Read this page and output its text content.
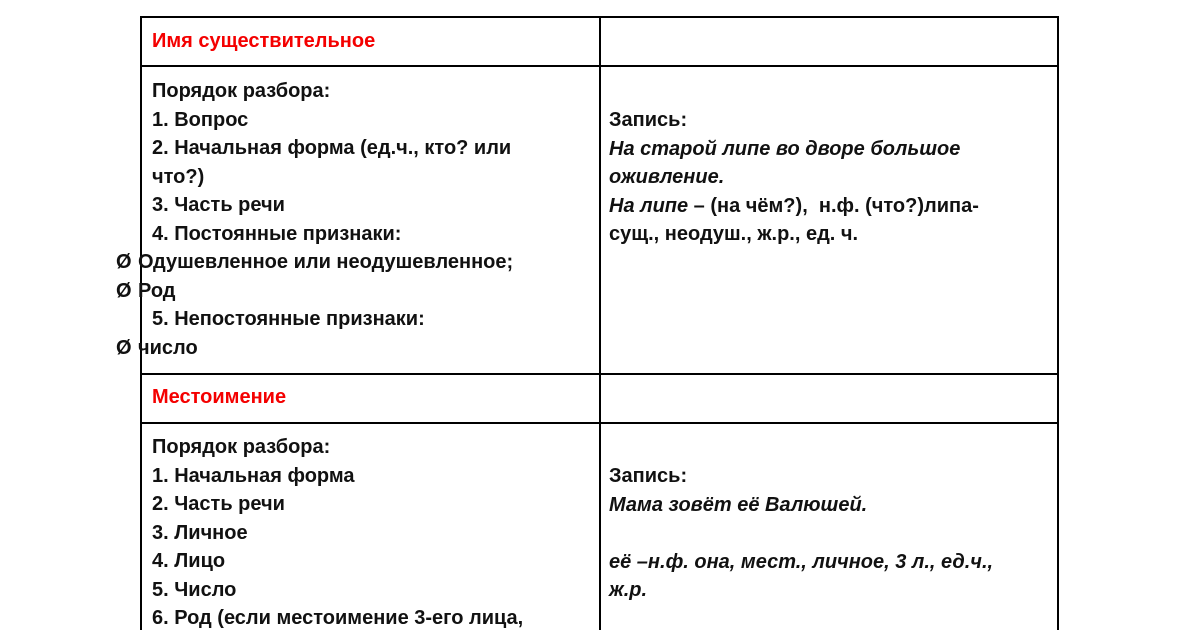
Имя существительное
Порядок разбора:
1. Вопрос
2. Начальная форма (ед.ч., кто? или
что?)
3. Часть речи
4. Постоянные признаки:
Ø Одушевленное или неодушевленное;
Ø Род
5. Непостоянные признаки:
Ø число
Запись:
На старой липе во дворе большое
оживление.
На липе – (на чём?),  н.ф. (что?)липа-
сущ., неодуш., ж.р., ед. ч.
Местоимение
Порядок разбора:
1. Начальная форма
2. Часть речи
3. Личное
4. Лицо
5. Число
6. Род (если местоимение 3-его лица,
Запись:
Мама зовёт её Валюшей.
её –н.ф. она, мест., личное, 3 л., ед.ч.,
ж.р.
